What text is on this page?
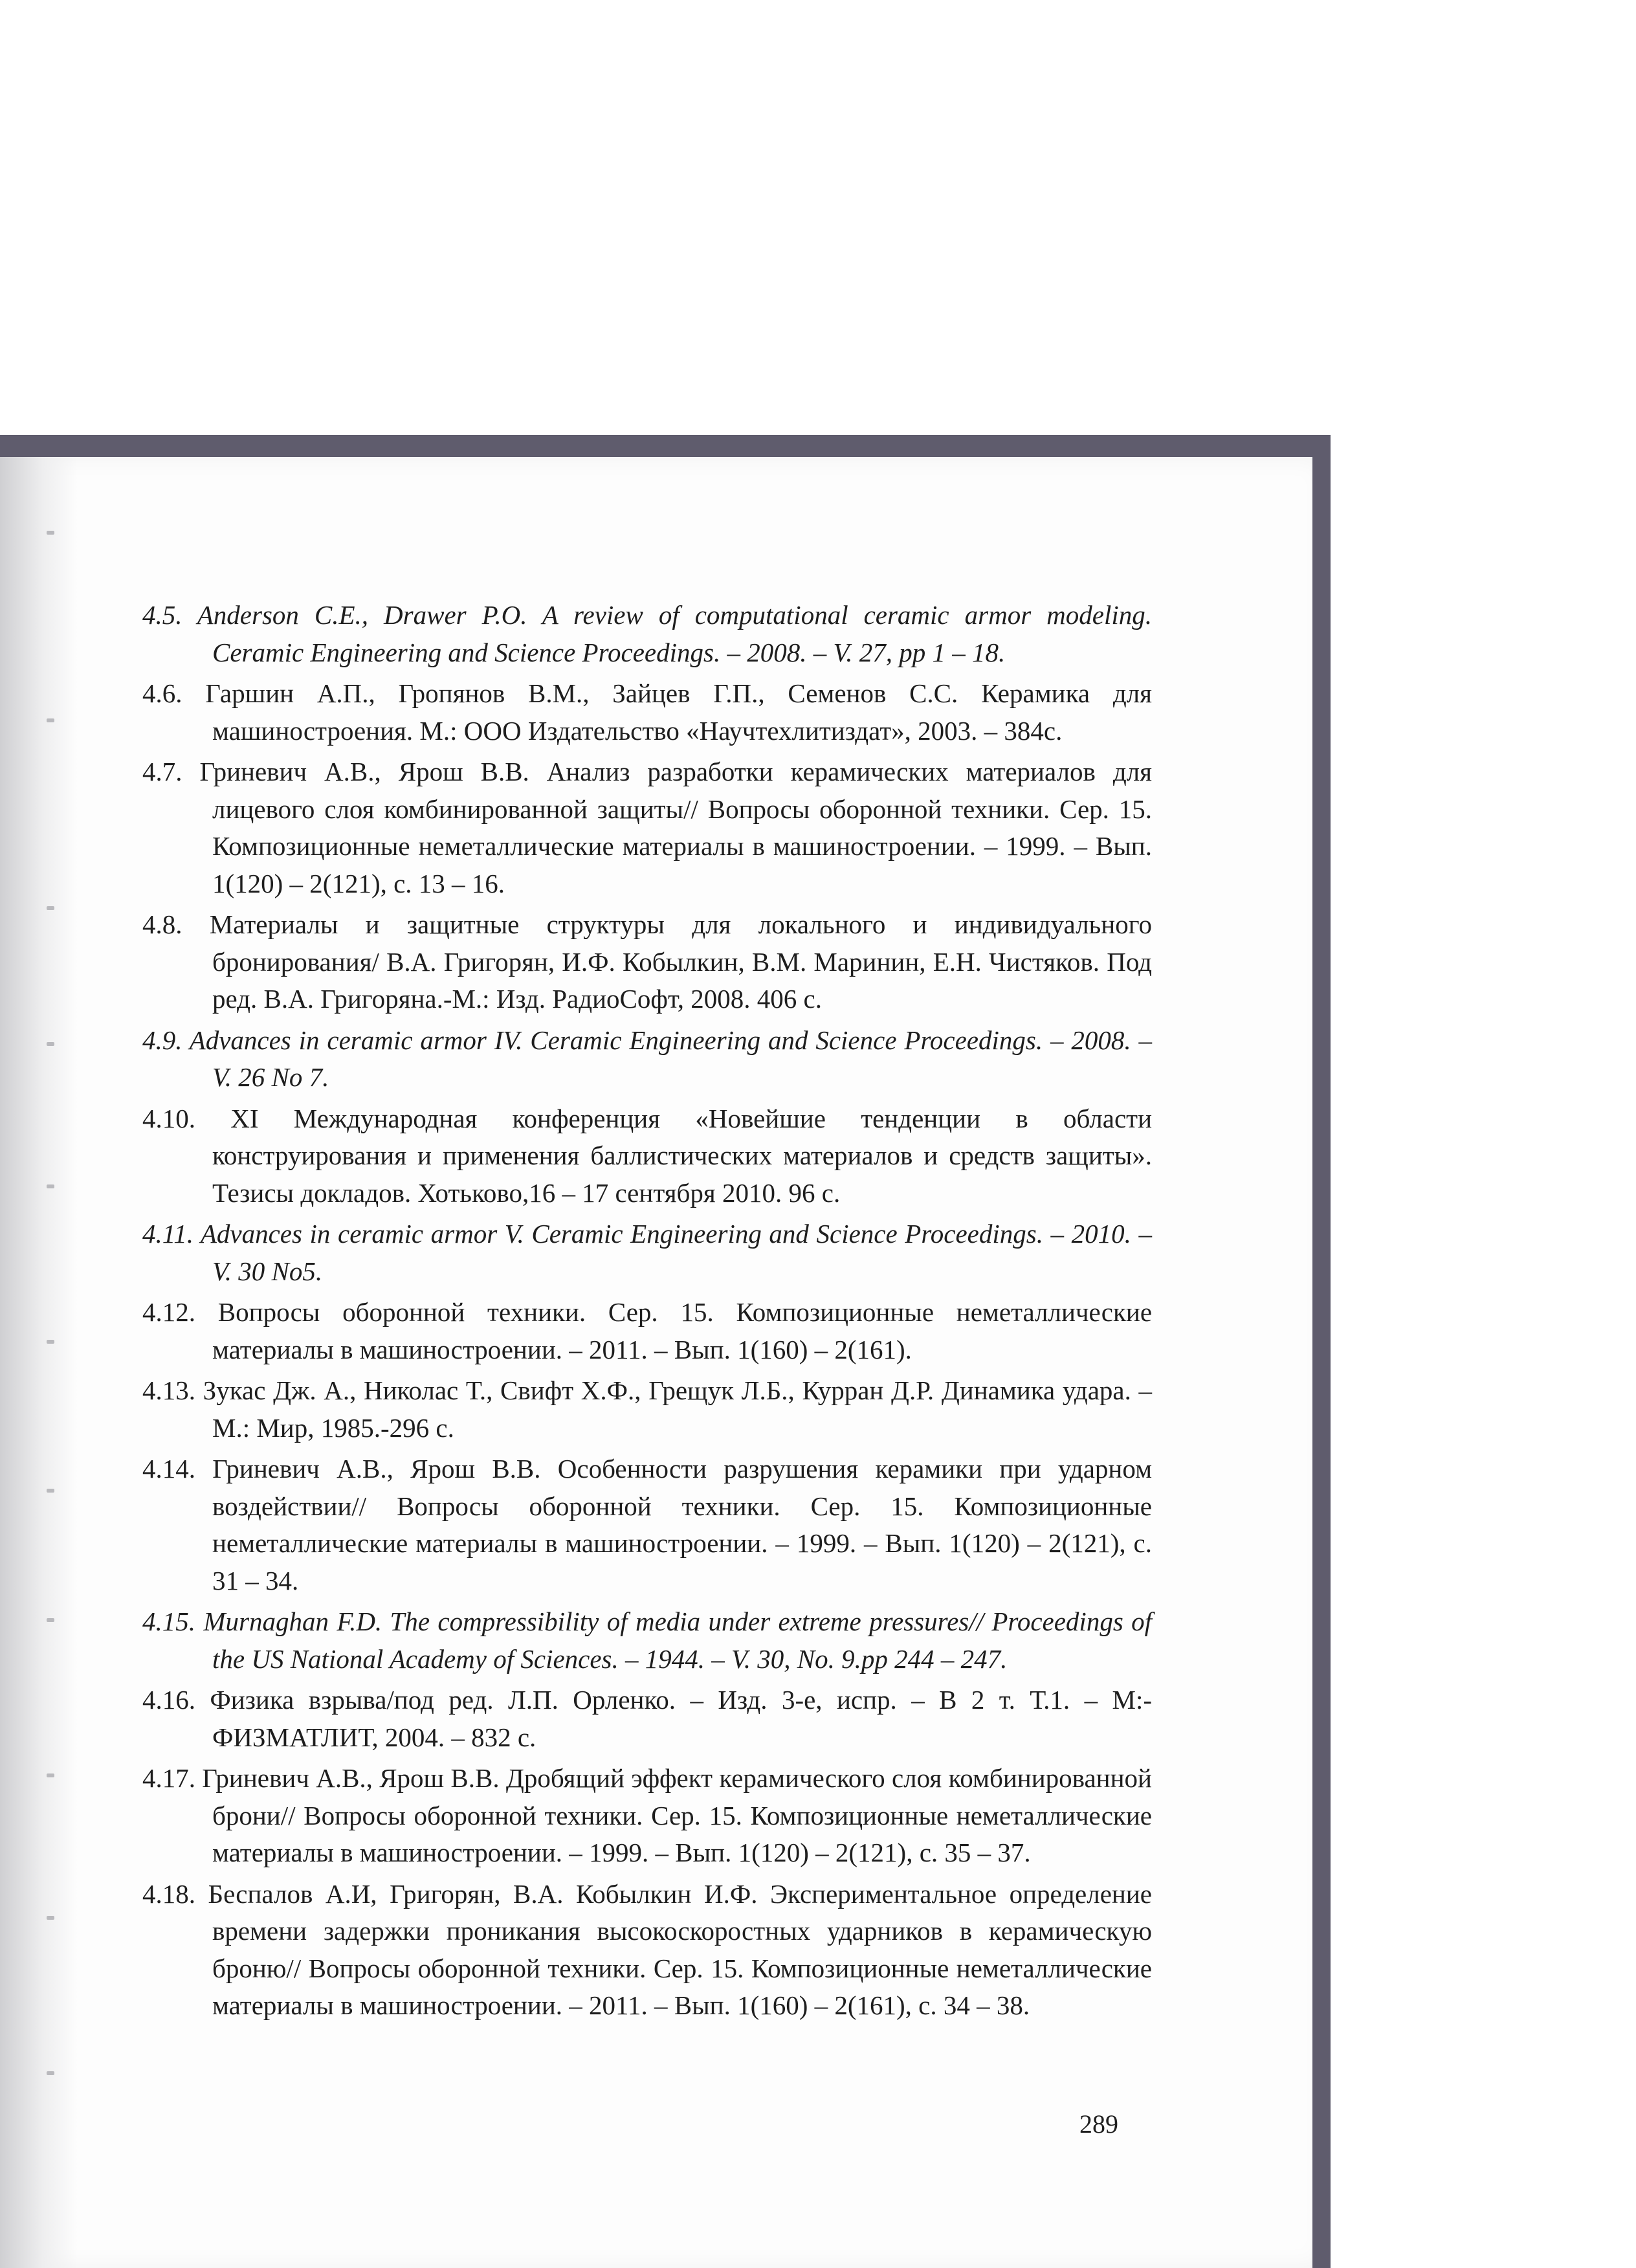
4.5. Anderson C.E., Drawer P.O. A review of computational ceramic armor modeling. Ceramic Engineering and Science Proceedings. – 2008. – V. 27, pp 1 – 18.
4.6. Гаршин А.П., Гропянов В.М., Зайцев Г.П., Семенов С.С. Керамика для машиностроения. М.: ООО Издательство «Научтехлитиздат», 2003. – 384с.
4.7. Гриневич А.В., Ярош В.В. Анализ разработки керамических материалов для лицевого слоя комбинированной защиты// Вопросы оборонной техники. Сер. 15. Композиционные неметаллические материалы в машиностроении. – 1999. – Вып. 1(120) – 2(121), с. 13 – 16.
4.8. Материалы и защитные структуры для локального и индивидуального бронирования/ В.А. Григорян, И.Ф. Кобылкин, В.М. Маринин, Е.Н. Чистяков. Под ред. В.А. Григоряна.-М.: Изд. РадиоСофт, 2008. 406 с.
4.9. Advances in ceramic armor IV. Ceramic Engineering and Science Proceedings. – 2008. – V. 26 No 7.
4.10. XI Международная конференция «Новейшие тенденции в области конструирования и применения баллистических материалов и средств защиты». Тезисы докладов. Хотьково,16 – 17 сентября 2010. 96 с.
4.11. Advances in ceramic armor V. Ceramic Engineering and Science Proceedings. – 2010. – V. 30 No5.
4.12. Вопросы оборонной техники. Сер. 15. Композиционные неметаллические материалы в машиностроении. – 2011. – Вып. 1(160) – 2(161).
4.13. Зукас Дж. А., Николас Т., Свифт Х.Ф., Грещук Л.Б., Курран Д.Р. Динамика удара. – М.: Мир, 1985.-296 с.
4.14. Гриневич А.В., Ярош В.В. Особенности разрушения керамики при ударном воздействии// Вопросы оборонной техники. Сер. 15. Композиционные неметаллические материалы в машиностроении. – 1999. – Вып. 1(120) – 2(121), с. 31 – 34.
4.15. Murnaghan F.D. The compressibility of media under extreme pressures// Proceedings of the US National Academy of Sciences. – 1944. – V. 30, No. 9.pp 244 – 247.
4.16. Физика взрыва/под ред. Л.П. Орленко. – Изд. 3-е, испр. – В 2 т. Т.1. – М:-ФИЗМАТЛИТ, 2004. – 832 с.
4.17. Гриневич А.В., Ярош В.В. Дробящий эффект керамического слоя комбинированной брони// Вопросы оборонной техники. Сер. 15. Композиционные неметаллические материалы в машиностроении. – 1999. – Вып. 1(120) – 2(121), с. 35 – 37.
4.18. Беспалов А.И, Григорян, В.А. Кобылкин И.Ф. Экспериментальное определение времени задержки проникания высокоскоростных ударников в керамическую броню// Вопросы оборонной техники. Сер. 15. Композиционные неметаллические материалы в машиностроении. – 2011. – Вып. 1(160) – 2(161), с. 34 – 38.
289
